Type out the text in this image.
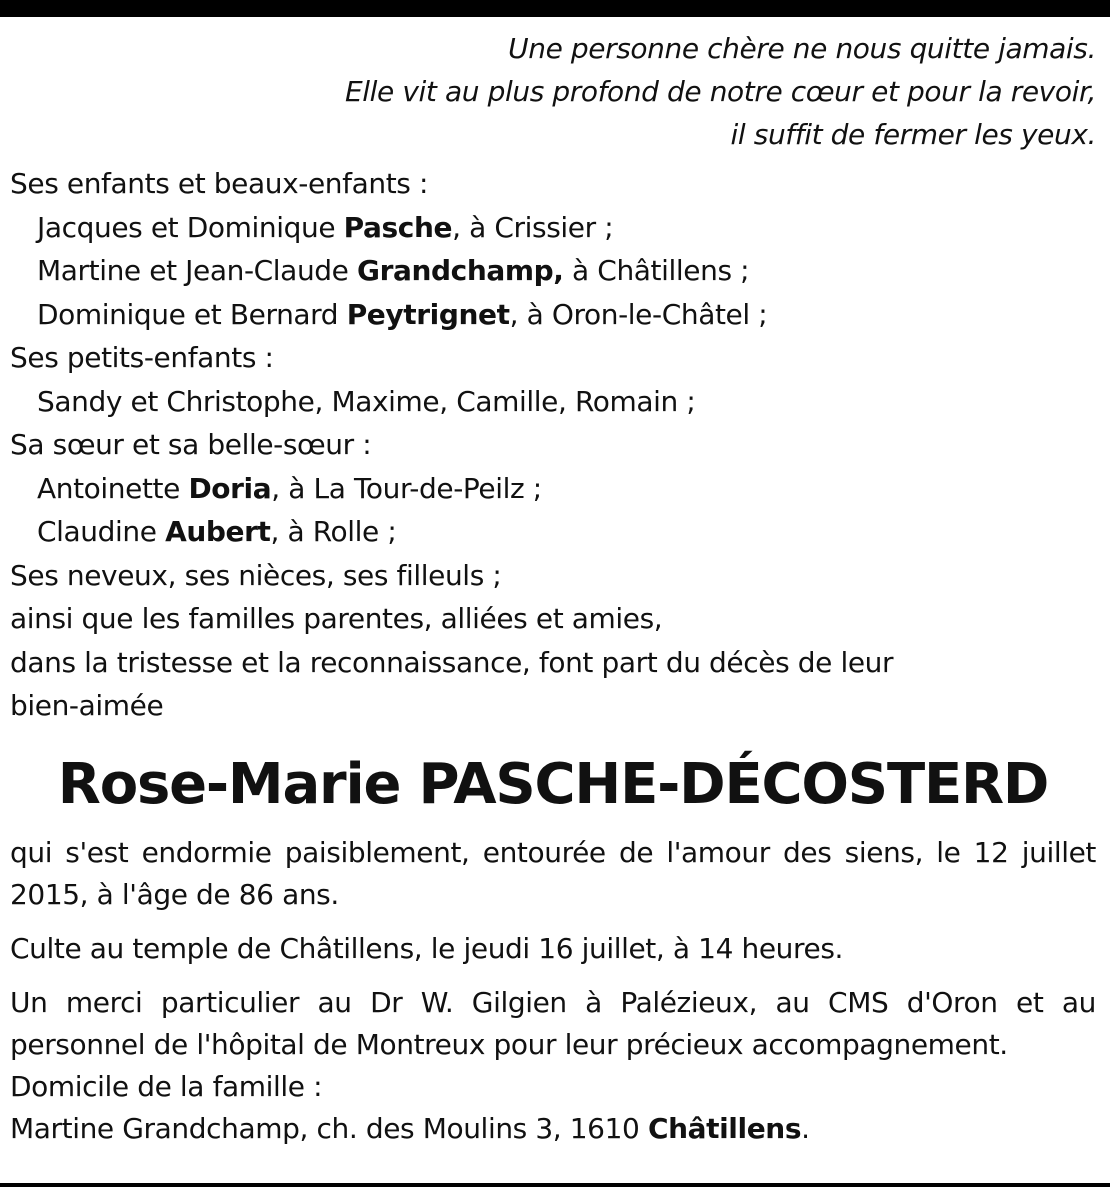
Une personne chère ne nous quitte jamais.
Elle vit au plus profond de notre cœur et pour la revoir,
il suffit de fermer les yeux.
Ses enfants et beaux-enfants :
Jacques et Dominique Pasche, à Crissier ;
Martine et Jean-Claude Grandchamp, à Châtillens ;
Dominique et Bernard Peytrignet, à Oron-le-Châtel ;
Ses petits-enfants :
Sandy et Christophe, Maxime, Camille, Romain ;
Sa sœur et sa belle-sœur :
Antoinette Doria, à La Tour-de-Peilz ;
Claudine Aubert, à Rolle ;
Ses neveux, ses nièces, ses filleuls ;
ainsi que les familles parentes, alliées et amies,
dans la tristesse et la reconnaissance, font part du décès de leur
bien-aimée
Rose-Marie PASCHE-DÉCOSTERD
qui s'est endormie paisiblement, entourée de l'amour des siens, le 12 juillet 2015, à l'âge de 86 ans.
Culte au temple de Châtillens, le jeudi 16 juillet, à 14 heures.
Un merci particulier au Dr W. Gilgien à Palézieux, au CMS d'Oron et au personnel de l'hôpital de Montreux pour leur précieux accompagnement.
Domicile de la famille :
Martine Grandchamp, ch. des Moulins 3, 1610 Châtillens.
